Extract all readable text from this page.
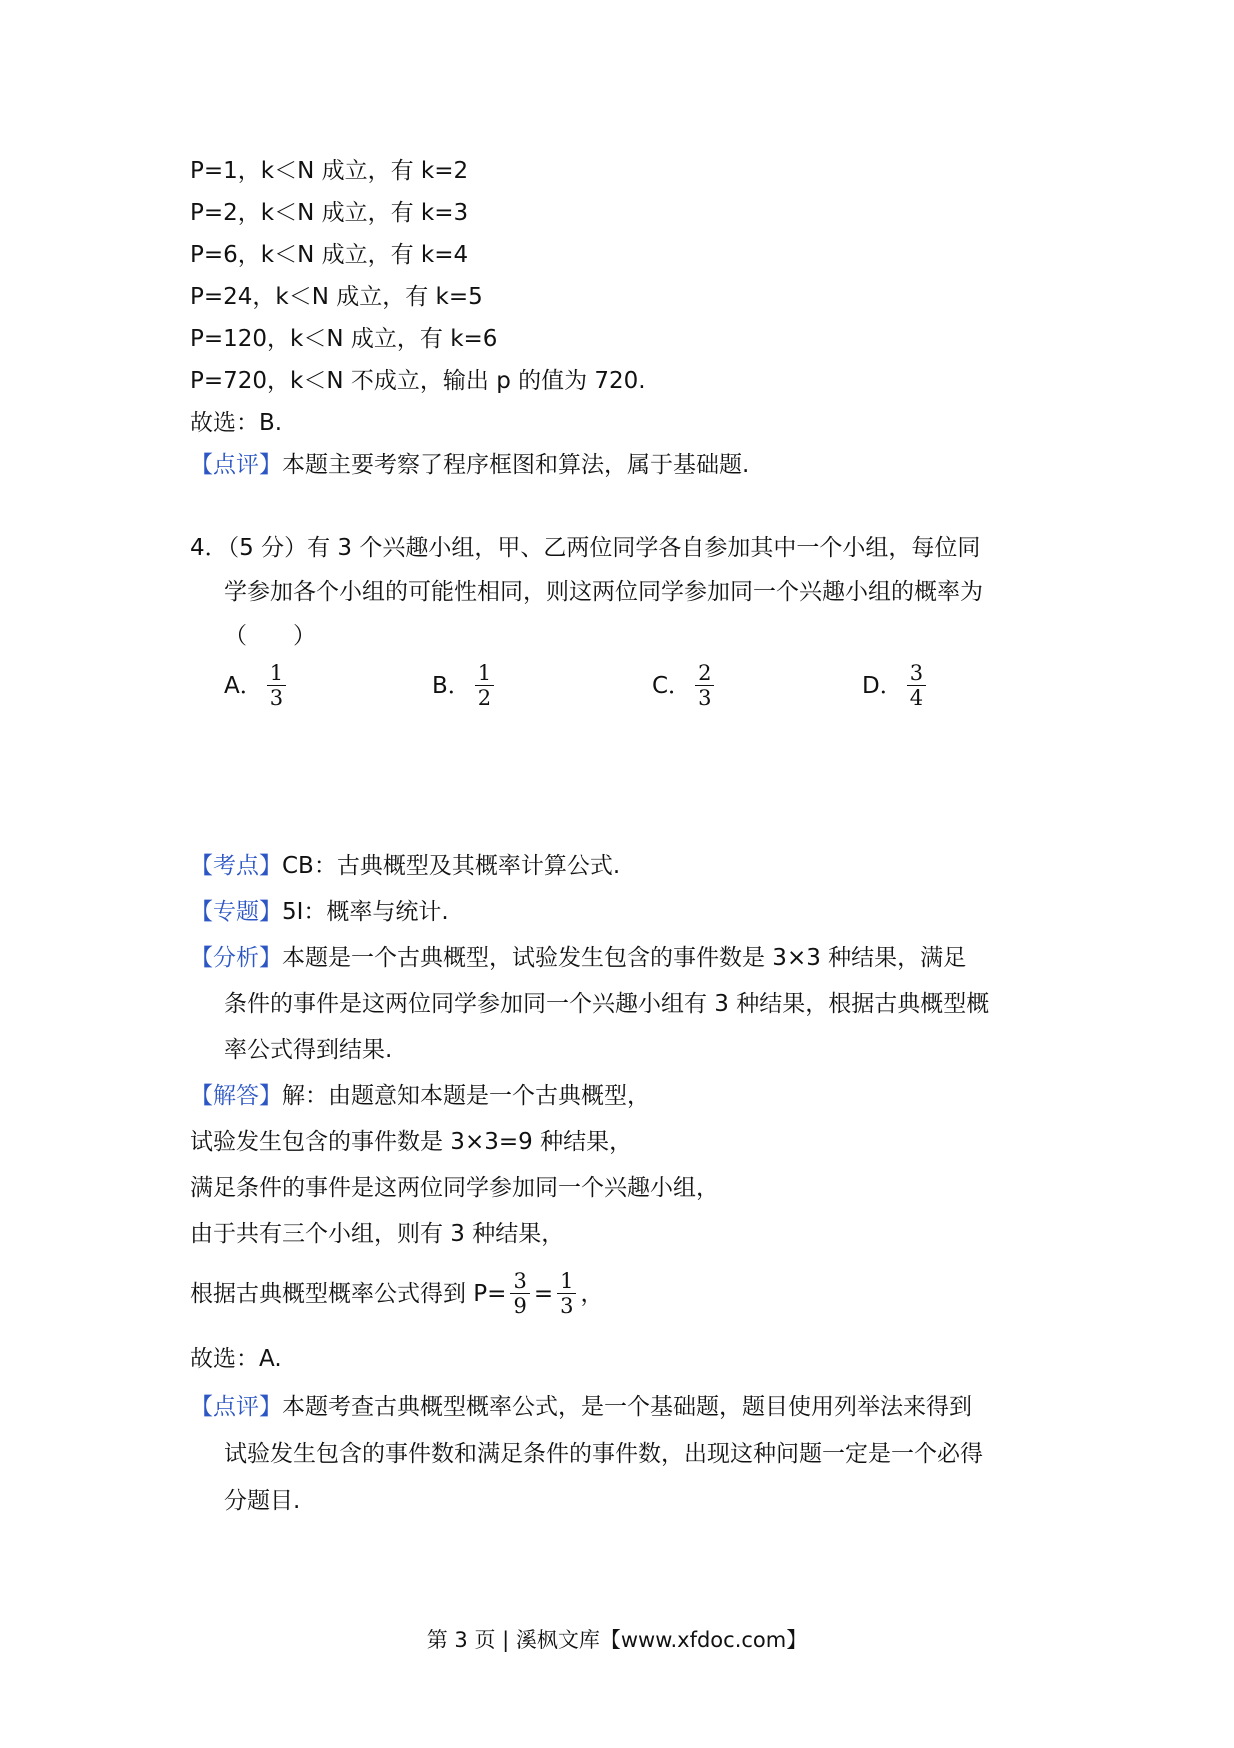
P=1，k＜N 成立，有 k=2
P=2，k＜N 成立，有 k=3
P=6，k＜N 成立，有 k=4
P=24，k＜N 成立，有 k=5
P=120，k＜N 成立，有 k=6
P=720，k＜N 不成立，输出 p 的值为 720.
故选：B.
【点评】本题主要考察了程序框图和算法，属于基础题.
4．（5 分）有 3 个兴趣小组，甲、乙两位同学各自参加其中一个小组，每位同
学参加各个小组的可能性相同，则这两位同学参加同一个兴趣小组的概率为
（　　）
A． $\frac{1}{3}$	B． $\frac{1}{2}$	C． $\frac{2}{3}$	D． $\frac{3}{4}$
【考点】CB：古典概型及其概率计算公式.
【专题】5I：概率与统计.
【分析】本题是一个古典概型，试验发生包含的事件数是 3×3 种结果，满足
条件的事件是这两位同学参加同一个兴趣小组有 3 种结果，根据古典概型概
率公式得到结果.
【解答】解：由题意知本题是一个古典概型，
试验发生包含的事件数是 3×3=9 种结果，
满足条件的事件是这两位同学参加同一个兴趣小组，
由于共有三个小组，则有 3 种结果，
根据古典概型概率公式得到 $P= \frac{3}{9} = \frac{1}{3}$ ，
故选：A.
【点评】本题考查古典概型概率公式，是一个基础题，题目使用列举法来得到
试验发生包含的事件数和满足条件的事件数，出现这种问题一定是一个必得
分题目.
第 3 页 | 溪枫文库【www.xfdoc.com】
